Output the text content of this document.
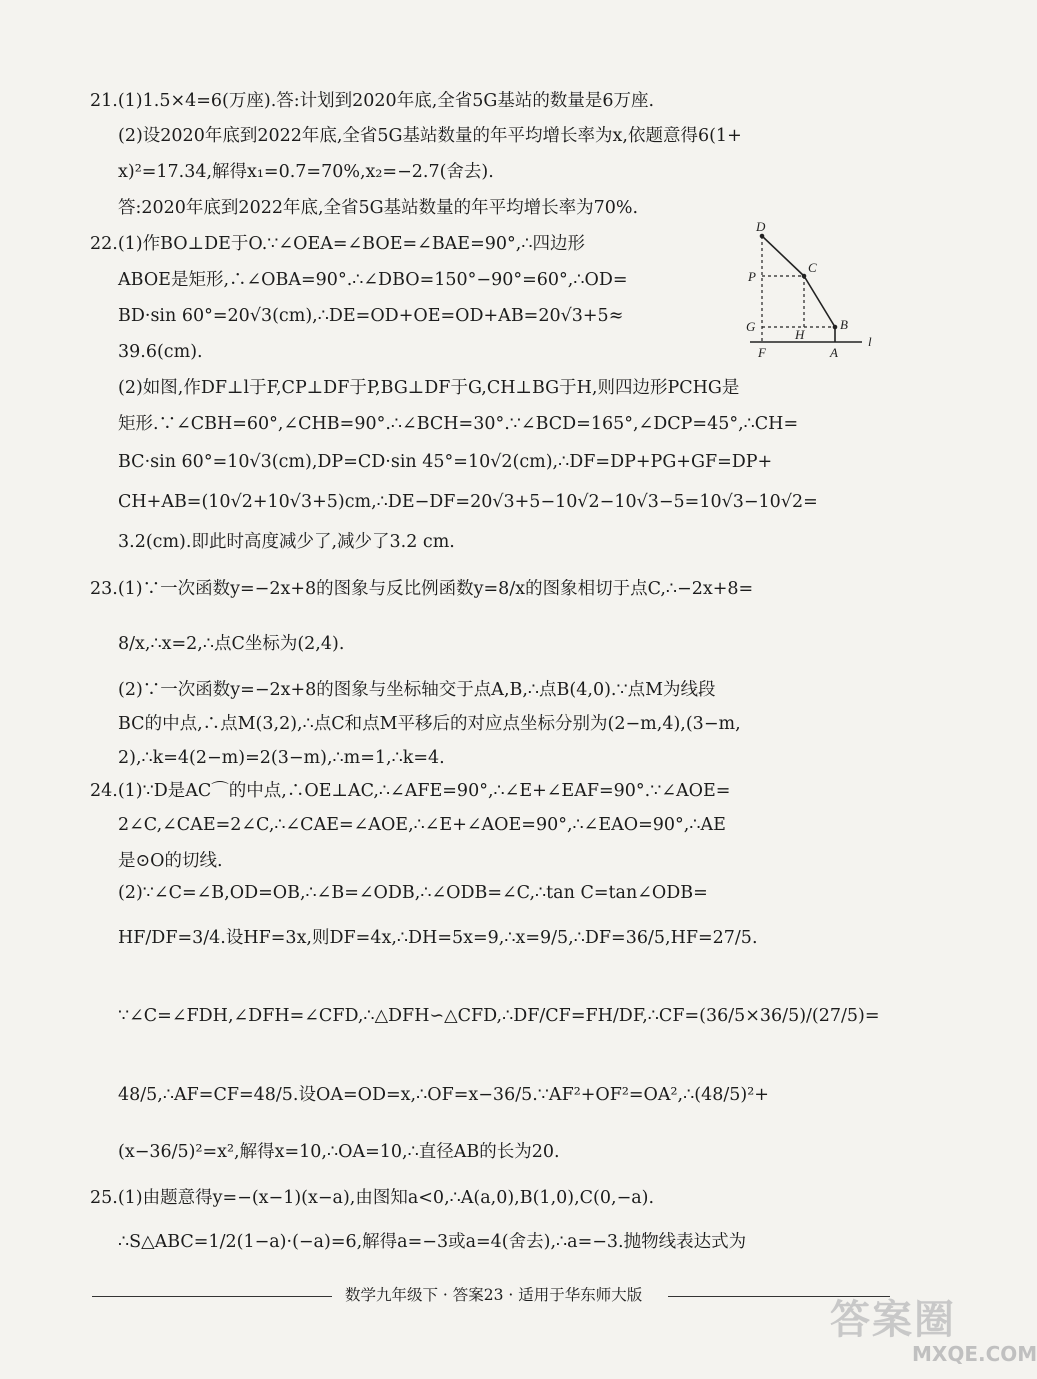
21.(1)1.5×4=6(万座).答:计划到2020年底,全省5G基站的数量是6万座.
(2)设2020年底到2022年底,全省5G基站数量的年平均增长率为x,依题意得6(1+
x)²=17.34,解得x₁=0.7=70%,x₂=−2.7(舍去).
答:2020年底到2022年底,全省5G基站数量的年平均增长率为70%.
22.(1)作BO⊥DE于O.∵∠OEA=∠BOE=∠BAE=90°,∴四边形
ABOE是矩形,∴∠OBA=90°.∴∠DBO=150°−90°=60°,∴OD=
BD·sin 60°=20√3(cm),∴DE=OD+OE=OD+AB=20√3+5≈
39.6(cm).
(2)如图,作DF⊥l于F,CP⊥DF于P,BG⊥DF于G,CH⊥BG于H,则四边形PCHG是
矩形.∵∠CBH=60°,∠CHB=90°.∴∠BCH=30°.∵∠BCD=165°,∠DCP=45°,∴CH=
BC·sin 60°=10√3(cm),DP=CD·sin 45°=10√2(cm),∴DF=DP+PG+GF=DP+
CH+AB=(10√2+10√3+5)cm,∴DE−DF=20√3+5−10√2−10√3−5=10√3−10√2=
3.2(cm).即此时高度减少了,减少了3.2 cm.
23.(1)∵一次函数y=−2x+8的图象与反比例函数y=8/x的图象相切于点C,∴−2x+8=
8/x,∴x=2,∴点C坐标为(2,4).
(2)∵一次函数y=−2x+8的图象与坐标轴交于点A,B,∴点B(4,0).∵点M为线段
BC的中点,∴点M(3,2),∴点C和点M平移后的对应点坐标分别为(2−m,4),(3−m,
2),∴k=4(2−m)=2(3−m),∴m=1,∴k=4.
24.(1)∵D是AC⌒的中点,∴OE⊥AC,∴∠AFE=90°,∴∠E+∠EAF=90°.∵∠AOE=
2∠C,∠CAE=2∠C,∴∠CAE=∠AOE,∴∠E+∠AOE=90°,∴∠EAO=90°,∴AE
是⊙O的切线.
(2)∵∠C=∠B,OD=OB,∴∠B=∠ODB,∴∠ODB=∠C,∴tan C=tan∠ODB=
HF/DF=3/4.设HF=3x,则DF=4x,∴DH=5x=9,∴x=9/5,∴DF=36/5,HF=27/5.
∵∠C=∠FDH,∠DFH=∠CFD,∴△DFH∽△CFD,∴DF/CF=FH/DF,∴CF=(36/5×36/5)/(27/5)=
48/5,∴AF=CF=48/5.设OA=OD=x,∴OF=x−36/5.∵AF²+OF²=OA²,∴(48/5)²+
(x−36/5)²=x²,解得x=10,∴OA=10,∴直径AB的长为20.
25.(1)由题意得y=−(x−1)(x−a),由图知a<0,∴A(a,0),B(1,0),C(0,−a).
∴S△ABC=1/2(1−a)·(−a)=6,解得a=−3或a=4(舍去),∴a=−3.抛物线表达式为
D
C
P
G
H
B
F	A
l
数学九年级下 · 答案23 · 适用于华东师大版
答案圈
MXQE.COM
